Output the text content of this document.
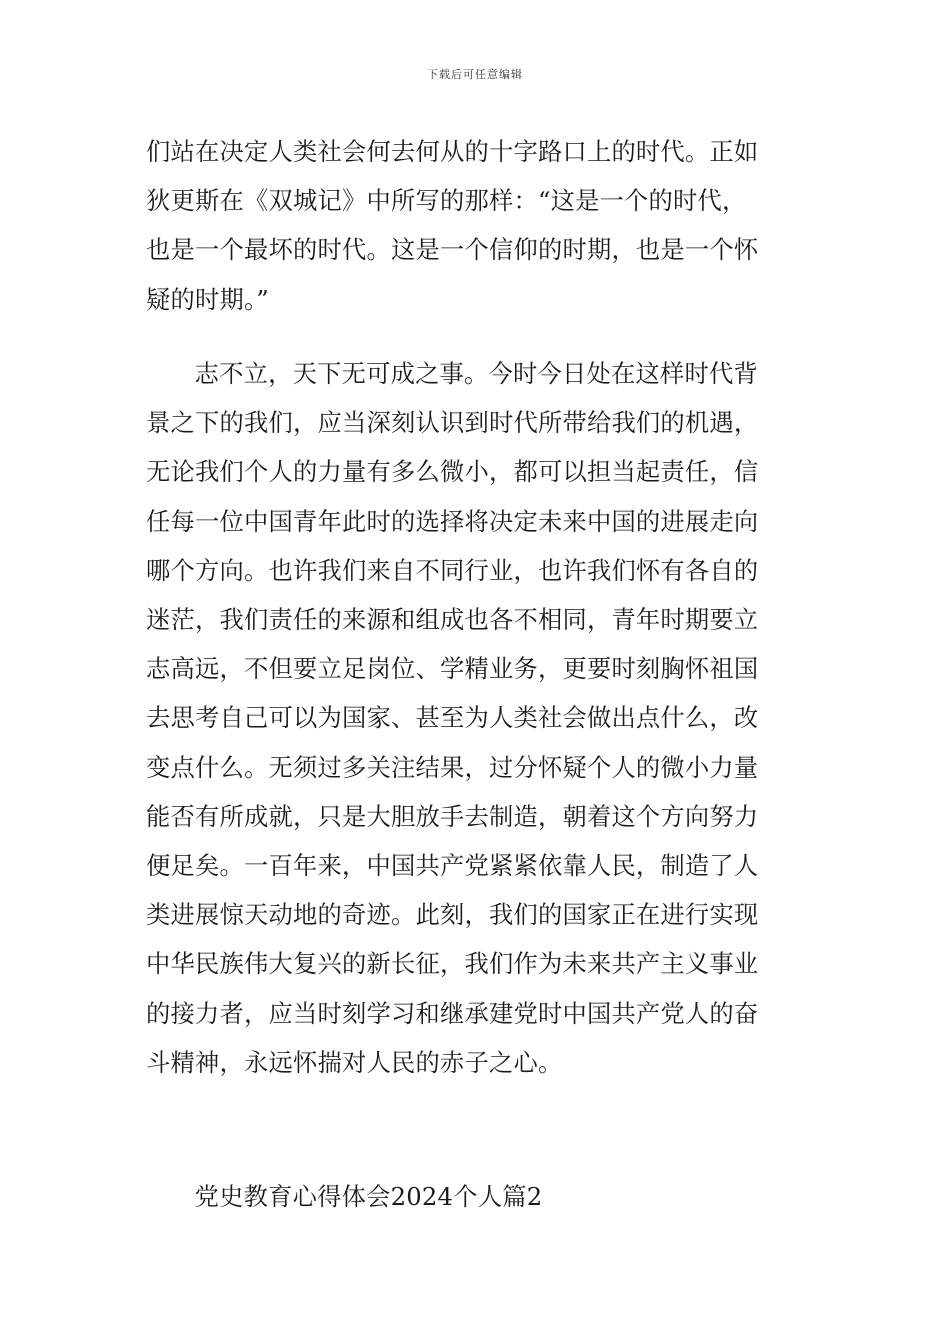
下载后可任意编辑
们站在决定人类社会何去何从的十字路口上的时代。正如
狄更斯在《双城记》中所写的那样：“这是一个的时代，
也是一个最坏的时代。这是一个信仰的时期，也是一个怀
疑的时期。”
志不立，天下无可成之事。今时今日处在这样时代背
景之下的我们，应当深刻认识到时代所带给我们的机遇，
无论我们个人的力量有多么微小，都可以担当起责任，信
任每一位中国青年此时的选择将决定未来中国的进展走向
哪个方向。也许我们来自不同行业，也许我们怀有各自的
迷茫，我们责任的来源和组成也各不相同，青年时期要立
志高远，不但要立足岗位、学精业务，更要时刻胸怀祖国
去思考自己可以为国家、甚至为人类社会做出点什么，改
变点什么。无须过多关注结果，过分怀疑个人的微小力量
能否有所成就，只是大胆放手去制造，朝着这个方向努力
便足矣。一百年来，中国共产党紧紧依靠人民，制造了人
类进展惊天动地的奇迹。此刻，我们的国家正在进行实现
中华民族伟大复兴的新长征，我们作为未来共产主义事业
的接力者，应当时刻学习和继承建党时中国共产党人的奋
斗精神，永远怀揣对人民的赤子之心。
党史教育心得体会2024个人篇2
